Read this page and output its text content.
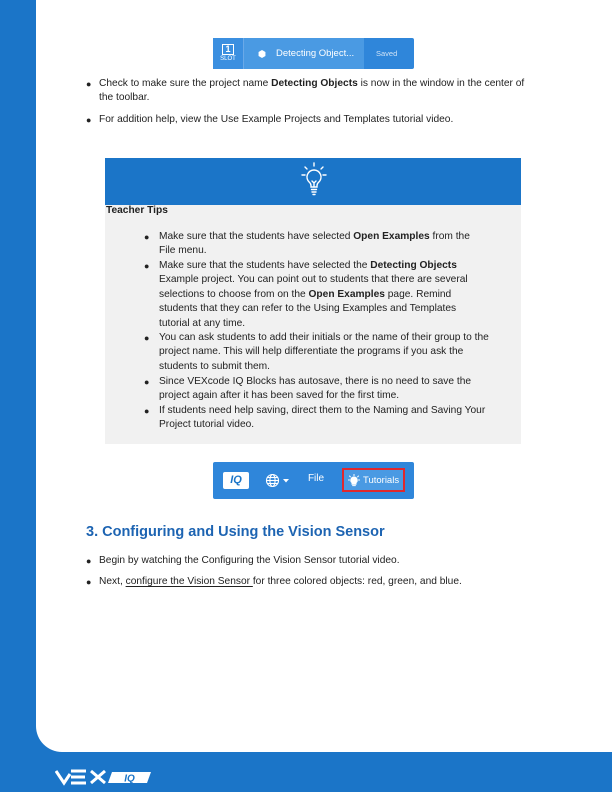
1
SLOT	Detecting Object...	Saved
● Check to make sure the project name Detecting Objects is now in the window in the center of the toolbar.
● For addition help, view the Use Example Projects and Templates tutorial video.
Teacher Tips
● Make sure that the students have selected Open Examples from the File menu.
● Make sure that the students have selected the Detecting Objects Example project. You can point out to students that there are several selections to choose from on the Open Examples page. Remind students that they can refer to the Using Examples and Templates tutorial at any time.
● You can ask students to add their initials or the name of their group to the project name. This will help differentiate the programs if you ask the students to submit them.
● Since VEXcode IQ Blocks has autosave, there is no need to save the project again after it has been saved for the first time.
● If students need help saving, direct them to the Naming and Saving Your Project tutorial video.
IQ	File	Tutorials
3. Configuring and Using the Vision Sensor
● Begin by watching the Configuring the Vision Sensor tutorial video.
● Next, configure the Vision Sensor for three colored objects: red, green, and blue.
IQ
